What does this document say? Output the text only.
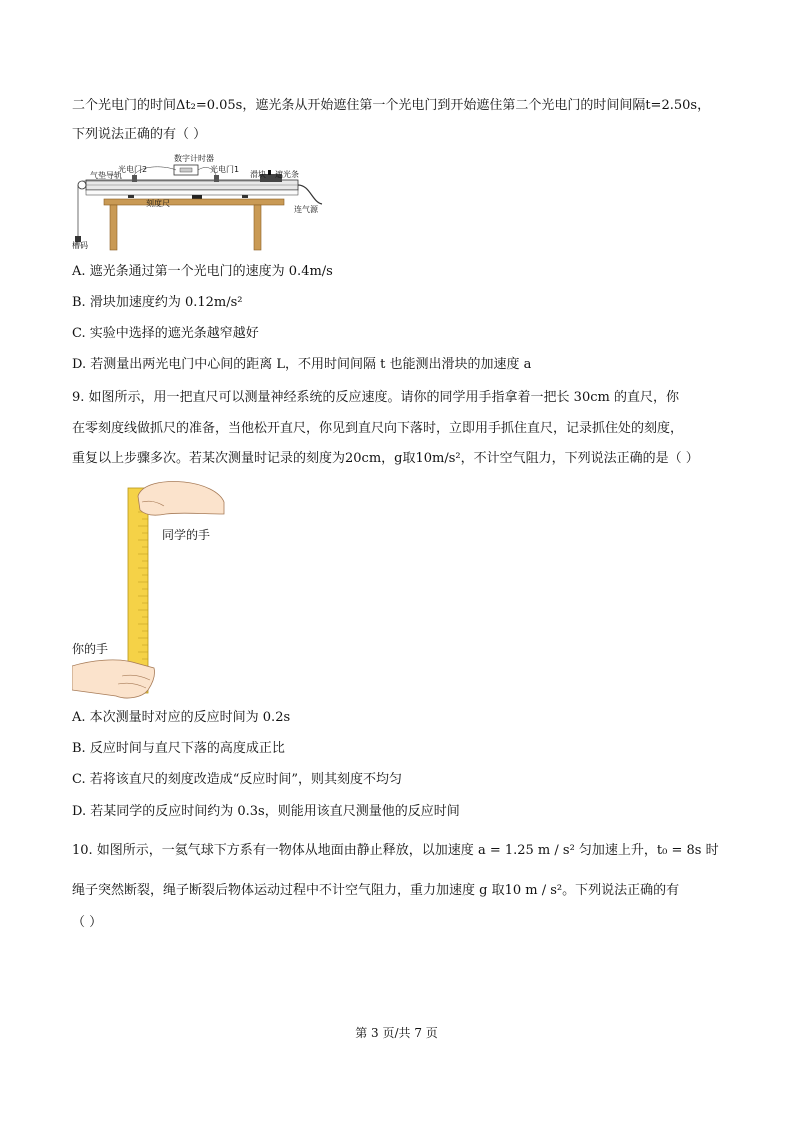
二个光电门的时间Δt₂=0.05s，遮光条从开始遮住第一个光电门到开始遮住第二个光电门的时间间隔t=2.50s，
下列说法正确的有（ ）
数字计时器
光电门2	光电门1
气垫导轨	滑块 遮光条
刻度尺
连气源
槽码
A. 遮光条通过第一个光电门的速度为 0.4m/s
B. 滑块加速度约为 0.12m/s²
C. 实验中选择的遮光条越窄越好
D. 若测量出两光电门中心间的距离 L，不用时间间隔 t 也能测出滑块的加速度 a
9. 如图所示，用一把直尺可以测量神经系统的反应速度。请你的同学用手指拿着一把长 30cm 的直尺，你
在零刻度线做抓尺的准备，当他松开直尺，你见到直尺向下落时，立即用手抓住直尺，记录抓住处的刻度，
重复以上步骤多次。若某次测量时记录的刻度为20cm，g取10m/s²，不计空气阻力，下列说法正确的是（ ）
同学的手
你的手
A. 本次测量时对应的反应时间为 0.2s
B. 反应时间与直尺下落的高度成正比
C. 若将该直尺的刻度改造成“反应时间”，则其刻度不均匀
D. 若某同学的反应时间约为 0.3s，则能用该直尺测量他的反应时间
10. 如图所示，一氦气球下方系有一物体从地面由静止释放，以加速度 a = 1.25 m / s² 匀加速上升，t₀ = 8s 时
绳子突然断裂，绳子断裂后物体运动过程中不计空气阻力，重力加速度 g 取10 m / s²。下列说法正确的有
（ ）
第 3 页/共 7 页
